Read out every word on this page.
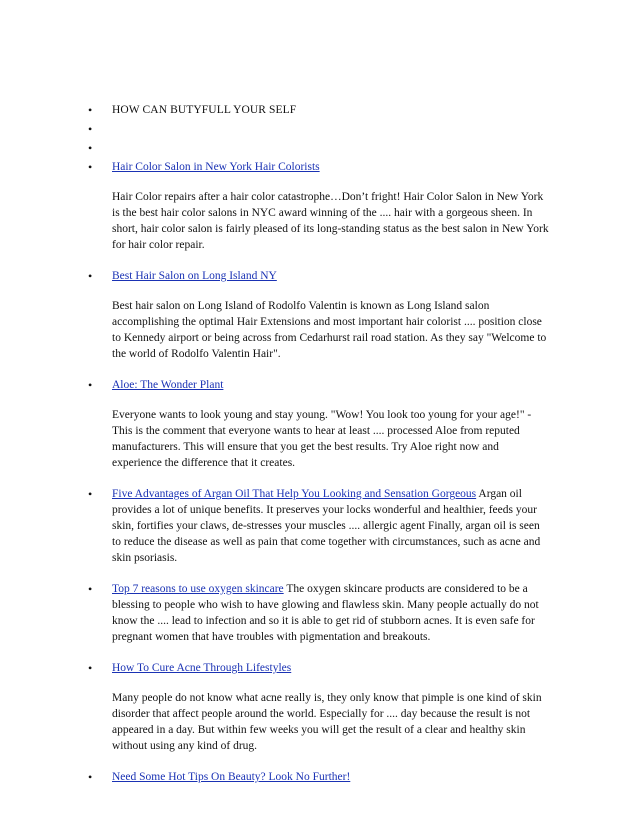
•	HOW CAN BUTYFULL YOUR SELF
•

•

•	Hair Color Salon in New York Hair Colorists

Hair Color repairs after a hair color catastrophe…Don’t fright! Hair Color Salon in New York is the best hair color salons in NYC award winning of the .... hair with a gorgeous sheen. In short, hair color salon is fairly pleased of its long-standing status as the best salon in New York for hair color repair.

•	Best Hair Salon on Long Island NY

Best hair salon on Long Island of Rodolfo Valentin is known as Long Island salon accomplishing the optimal Hair Extensions and most important hair colorist .... position close to Kennedy airport or being across from Cedarhurst rail road station. As they say "Welcome to the world of Rodolfo Valentin Hair".

•	Aloe: The Wonder Plant

Everyone wants to look young and stay young. "Wow! You look too young for your age!" - This is the comment that everyone wants to hear at least .... processed Aloe from reputed manufacturers. This will ensure that you get the best results. Try Aloe right now and experience the difference that it creates.

•	Five Advantages of Argan Oil That Help You Looking and Sensation Gorgeous Argan oil provides a lot of unique benefits. It preserves your locks wonderful and healthier, feeds your skin, fortifies your claws, de-stresses your muscles .... allergic agent Finally, argan oil is seen to reduce the disease as well as pain that come together with circumstances, such as acne and skin psoriasis.
•	Top 7 reasons to use oxygen skincare The oxygen skincare products are considered to be a blessing to people who wish to have glowing and flawless skin. Many people actually do not know the .... lead to infection and so it is able to get rid of stubborn acnes. It is even safe for pregnant women that have troubles with pigmentation and breakouts.
•	How To Cure Acne Through Lifestyles

Many people do not know what acne really is, they only know that pimple is one kind of skin disorder that affect people around the world. Especially for .... day because the result is not appeared in a day. But within few weeks you will get the result of a clear and healthy skin without using any kind of drug.

•	Need Some Hot Tips On Beauty? Look No Further!
